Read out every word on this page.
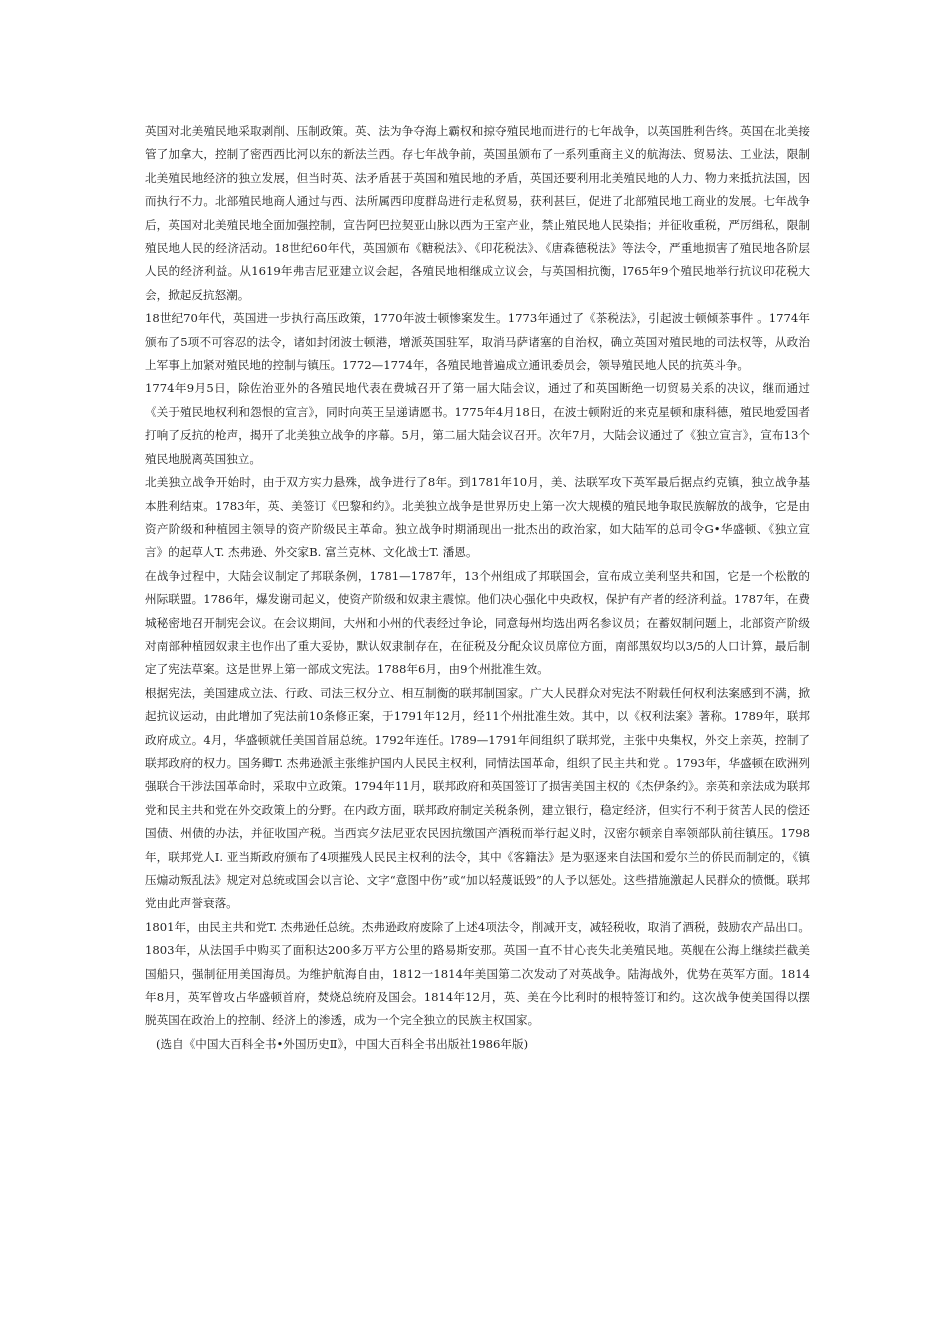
英国对北美殖民地采取剥削、压制政策。英、法为争夺海上霸权和掠夺殖民地而进行的七年战争，以英国胜利告终。英国在北美接管了加拿大，控制了密西西比河以东的新法兰西。存七年战争前，英国虽颁布了一系列重商主义的航海法、贸易法、工业法，限制北美殖民地经济的独立发展，但当时英、法矛盾甚于英国和殖民地的矛盾，英国还要利用北美殖民地的人力、物力来抵抗法国，因而执行不力。北部殖民地商人通过与西、法所属西印度群岛进行走私贸易，获利甚巨，促进了北部殖民地工商业的发展。七年战争后，英国对北美殖民地全面加强控制，宣告阿巴拉契亚山脉以西为王室产业，禁止殖民地人民染指；并征收重税，严厉缉私，限制殖民地人民的经济活动。18世纪60年代，英国颁布《糖税法》、《印花税法》、《唐森德税法》等法令，严重地损害了殖民地各阶层人民的经济利益。从1619年弗吉尼亚建立议会起，各殖民地相继成立议会，与英国相抗衡，l765年9个殖民地举行抗议印花税大会，掀起反抗怒潮。

18世纪70年代，英国进一步执行高压政策，1770年波士顿惨案发生。1773年通过了《茶税法》，引起波士顿倾茶事件 。1774年颁布了5项不可容忍的法令，诸如封闭波士顿港，增派英国驻军，取消马萨诸塞的自治权，确立英国对殖民地的司法权等，从政治上军事上加紧对殖民地的控制与镇压。1772—1774年，各殖民地普遍成立通讯委员会，领导殖民地人民的抗英斗争。

1774年9月5日，除佐治亚外的各殖民地代表在费城召开了第一届大陆会议，通过了和英国断绝一切贸易关系的决议，继而通过《关于殖民地权利和怨恨的宣言》，同时向英王呈递请愿书。1775年4月18日，在波士顿附近的来克星顿和康科德，殖民地爱国者打响了反抗的枪声，揭开了北美独立战争的序幕。5月，第二届大陆会议召开。次年7月，大陆会议通过了《独立宣言》，宣布13个殖民地脱离英国独立。

北美独立战争开始时，由于双方实力悬殊，战争进行了8年。到1781年10月，美、法联军攻下英军最后据点约克镇，独立战争基本胜利结束。1783年，英、美签订《巴黎和约》。北美独立战争是世界历史上第一次大规模的殖民地争取民族解放的战争，它是由资产阶级和种植园主领导的资产阶级民主革命。独立战争时期涌现出一批杰出的政治家，如大陆军的总司令G•华盛顿、《独立宣言》的起草人T. 杰弗逊、外交家B. 富兰克林、文化战士T. 潘恩。

在战争过程中，大陆会议制定了邦联条例，1781—1787年，13个州组成了邦联国会，宣布成立美利坚共和国，它是一个松散的州际联盟。1786年，爆发谢司起义，使资产阶级和奴隶主震惊。他们决心强化中央政权，保护有产者的经济利益。1787年，在费城秘密地召开制宪会议。在会议期间，大州和小州的代表经过争论，同意每州均选出两名参议员；在蓄奴制问题上，北部资产阶级对南部种植园奴隶主也作出了重大妥协，默认奴隶制存在，在征税及分配众议员席位方面，南部黑奴均以3/5的人口计算，最后制定了宪法草案。这是世界上第一部成文宪法。1788年6月，由9个州批准生效。

根据宪法，美国建成立法、行政、司法三权分立、相互制衡的联邦制国家。广大人民群众对宪法不附载任何权利法案感到不满，掀起抗议运动，由此增加了宪法前10条修正案，于1791年12月，经11个州批准生效。其中，以《权利法案》著称。1789年，联邦政府成立。4月，华盛顿就任美国首届总统。1792年连任。l789—1791年间组织了联邦党，主张中央集权，外交上亲英，控制了联邦政府的权力。国务卿T. 杰弗逊派主张维护国内人民民主权利，同情法国革命，组织了民主共和党 。1793年，华盛顿在欧洲列强联合干涉法国革命时，采取中立政策。1794年11月，联邦政府和英国签订了损害美国主权的《杰伊条约》。亲英和亲法成为联邦党和民主共和党在外交政策上的分野。在内政方面，联邦政府制定关税条例，建立银行，稳定经济，但实行不利于贫苦人民的偿还国债、州债的办法，并征收国产税。当西宾夕法尼亚农民因抗缴国产酒税而举行起义时，汉密尔顿亲自率领部队前往镇压。1798年，联邦党人I. 亚当斯政府颁布了4项摧残人民民主权利的法令，其中《客籍法》是为驱逐来自法国和爱尔兰的侨民而制定的，《镇压煽动叛乱法》规定对总统或国会以言论、文字“意图中伤”或“加以轻蔑诋毁”的人予以惩处。这些措施激起人民群众的愤慨。联邦党由此声誉衰落。

1801年，由民主共和党T. 杰弗逊任总统。杰弗逊政府废除了上述4项法令，削减开支，减轻税收，取消了酒税，鼓励农产品出口。1803年，从法国手中购买了面积达200多万平方公里的路易斯安那。英国一直不甘心丧失北美殖民地。英舰在公海上继续拦截美国船只，强制征用美国海员。为维护航海自由，1812一1814年美国第二次发动了对英战争。陆海战外，优势在英军方面。1814年8月，英军曾攻占华盛顿首府，焚烧总统府及国会。1814年12月，英、美在今比利时的根特签订和约。这次战争使美国得以摆脱英国在政治上的控制、经济上的渗透，成为一个完全独立的民族主权国家。

(选自《中国大百科全书•外国历史Ⅱ》，中国大百科全书出版社1986年版)
